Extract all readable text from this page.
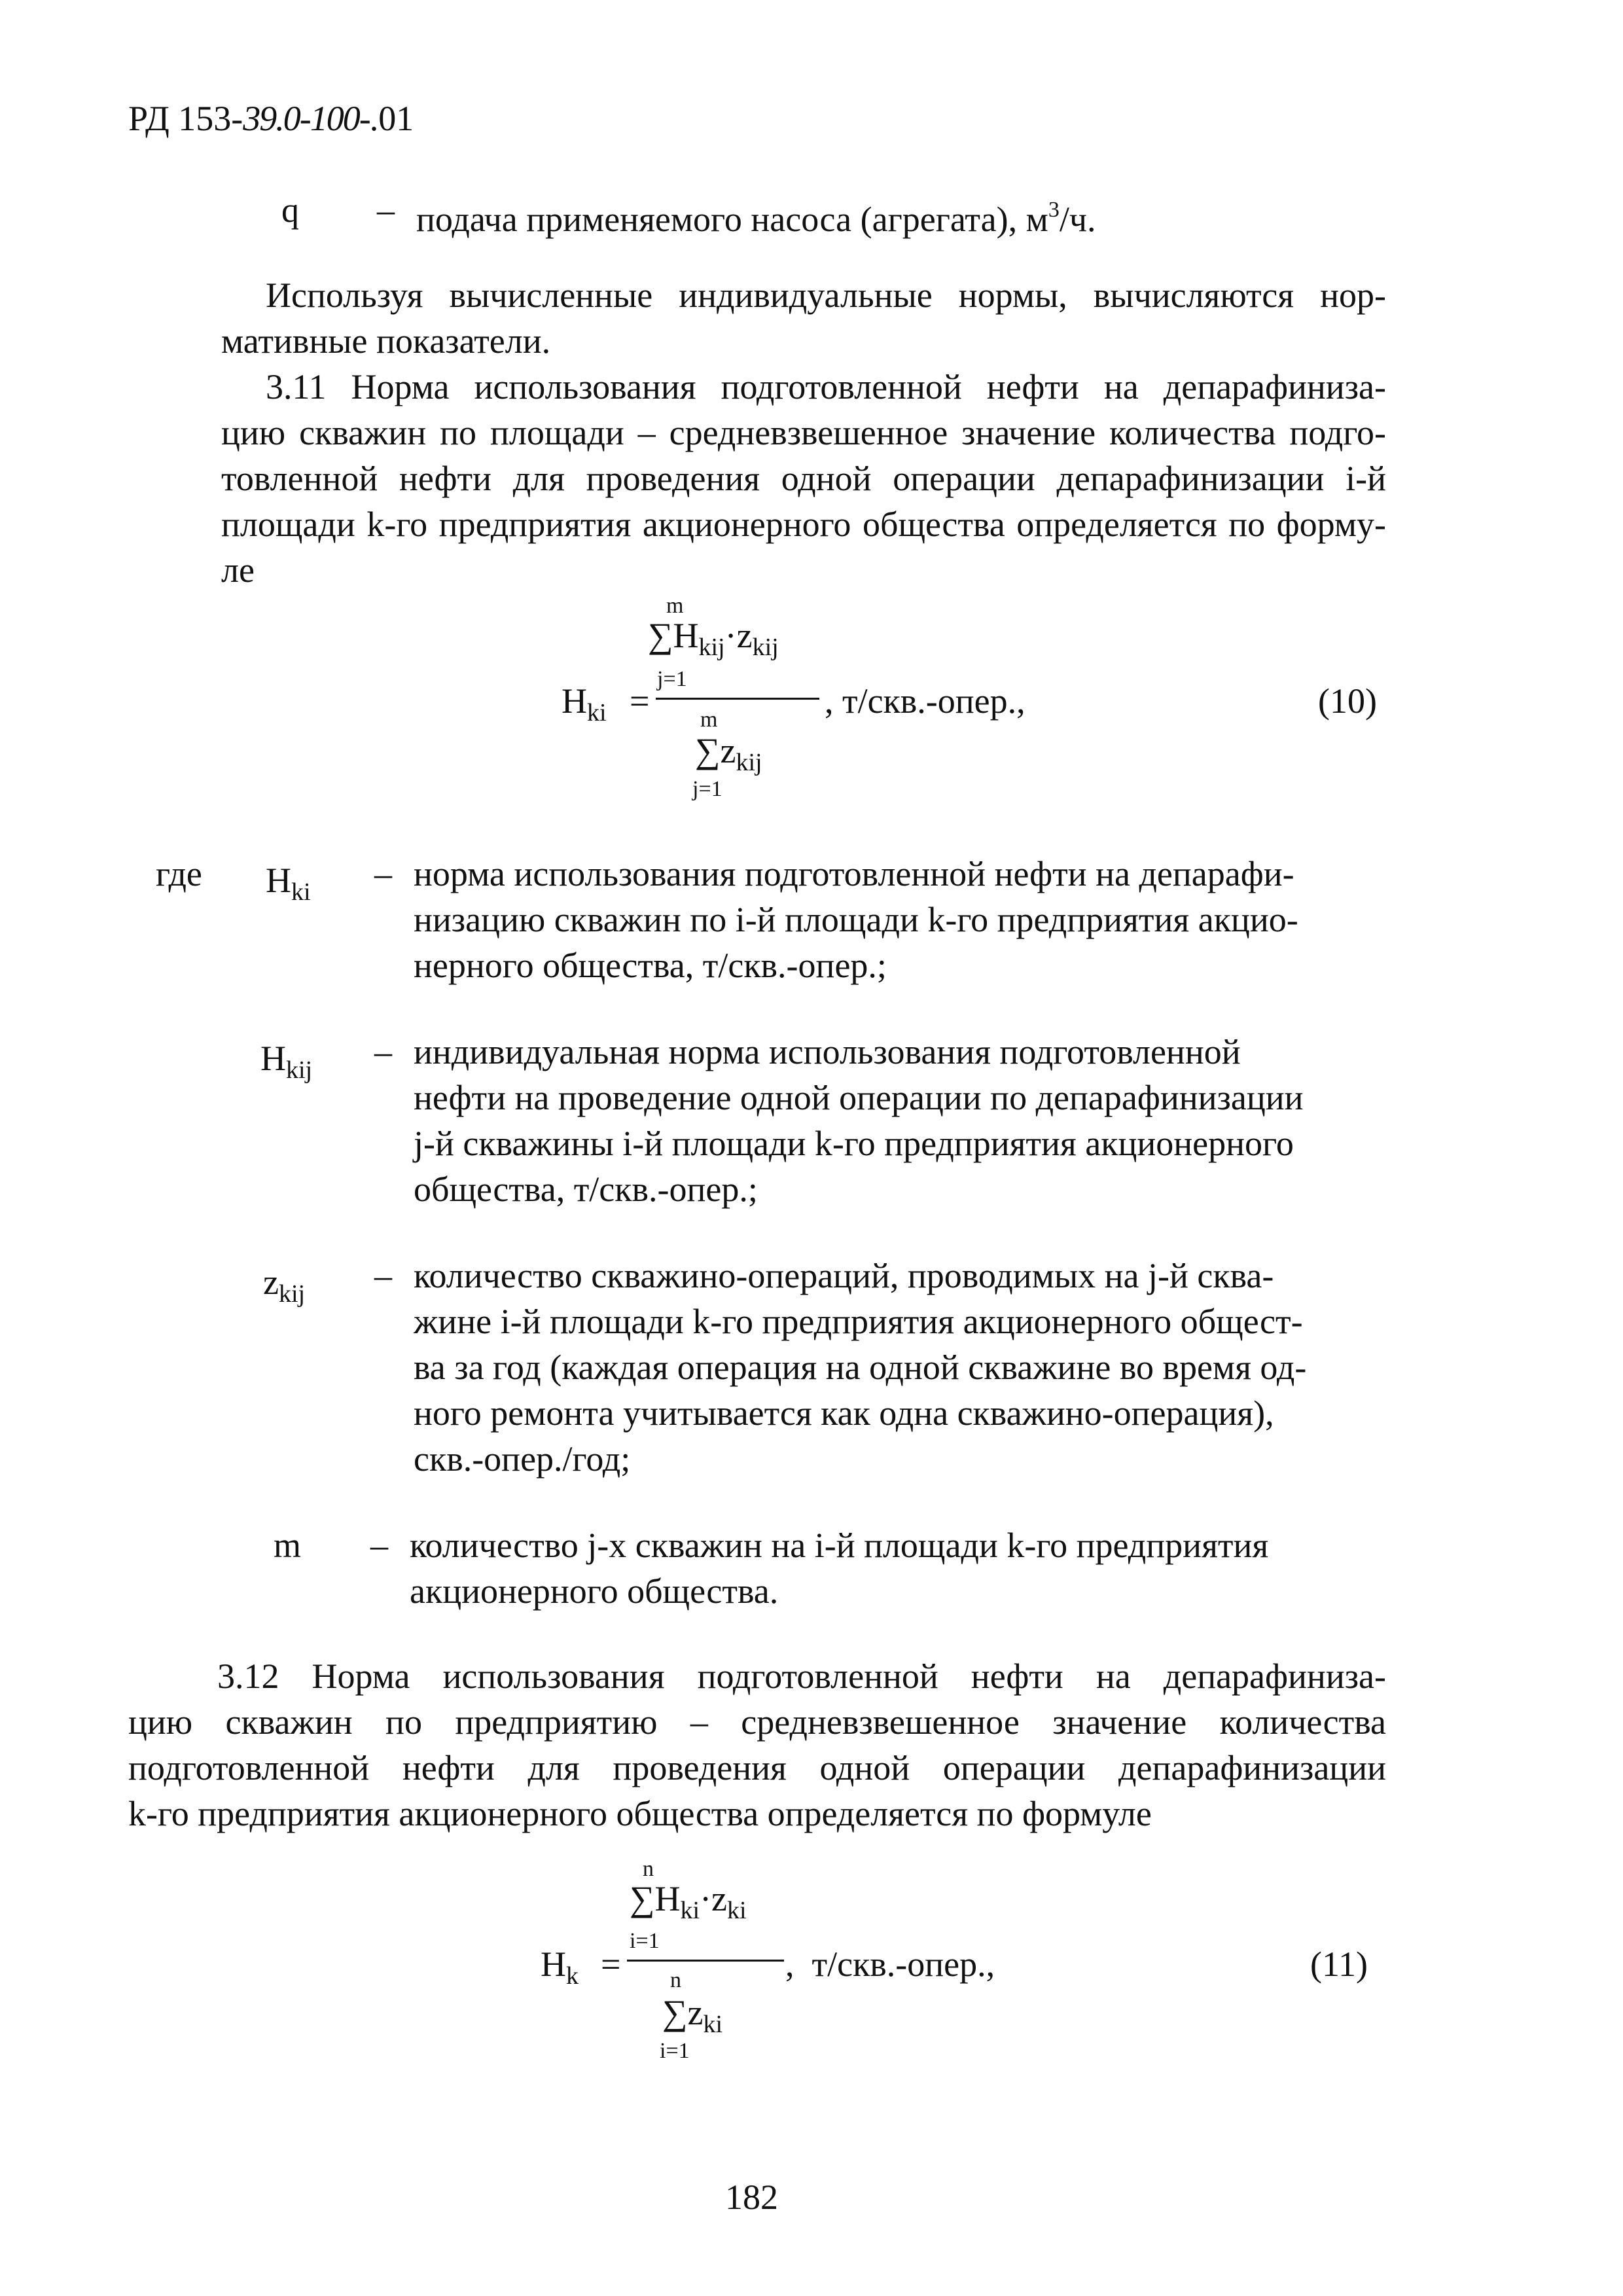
РД 153-39.0-100-.01
q – подача применяемого насоса (агрегата), $м^3/ч$.
Используя вычисленные индивидуальные нормы, вычисляются нор-
мативные показатели.
3.11 Норма использования подготовленной нефти на депарафиниза-
цию скважин по площади – средневзвешенное значение количества подго-
товленной нефти для проведения одной операции депарафинизации i-й
площади k-го предприятия акционерного общества определяется по форму-
ле
m
$\sum H_{kij}\cdot z_{kij}$
j=1
$H_{ki}$ =	, т/скв.-опер.,
m
$\sum z_{kij}$
j=1
(10)
где $H_{ki}$ – норма использования подготовленной нефти на депарафи-
низацию скважин по i-й площади k-го предприятия акцио-
нерного общества, т/скв.-опер.;
$H_{kij}$ – индивидуальная норма использования подготовленной
нефти на проведение одной операции по депарафинизации
j-й скважины i-й площади k-го предприятия акционерного
общества, т/скв.-опер.;
$z_{kij}$ – количество скважино-операций, проводимых на j-й сква-
жине i-й площади k-го предприятия акционерного общест-
ва за год (каждая операция на одной скважине во время од-
ного ремонта учитывается как одна скважино-операция),
скв.-опер./год;
m – количество j-х скважин на i-й площади k-го предприятия
акционерного общества.
3.12 Норма использования подготовленной нефти на депарафиниза-
цию скважин по предприятию – средневзвешенное значение количества
подготовленной нефти для проведения одной операции депарафинизации
k-го предприятия акционерного общества определяется по формуле
n
$\sum H_{ki}\cdot z_{ki}$
i=1
$H_k$ =	,  т/скв.-опер.,
n
$\sum z_{ki}$
i=1
(11)
182
